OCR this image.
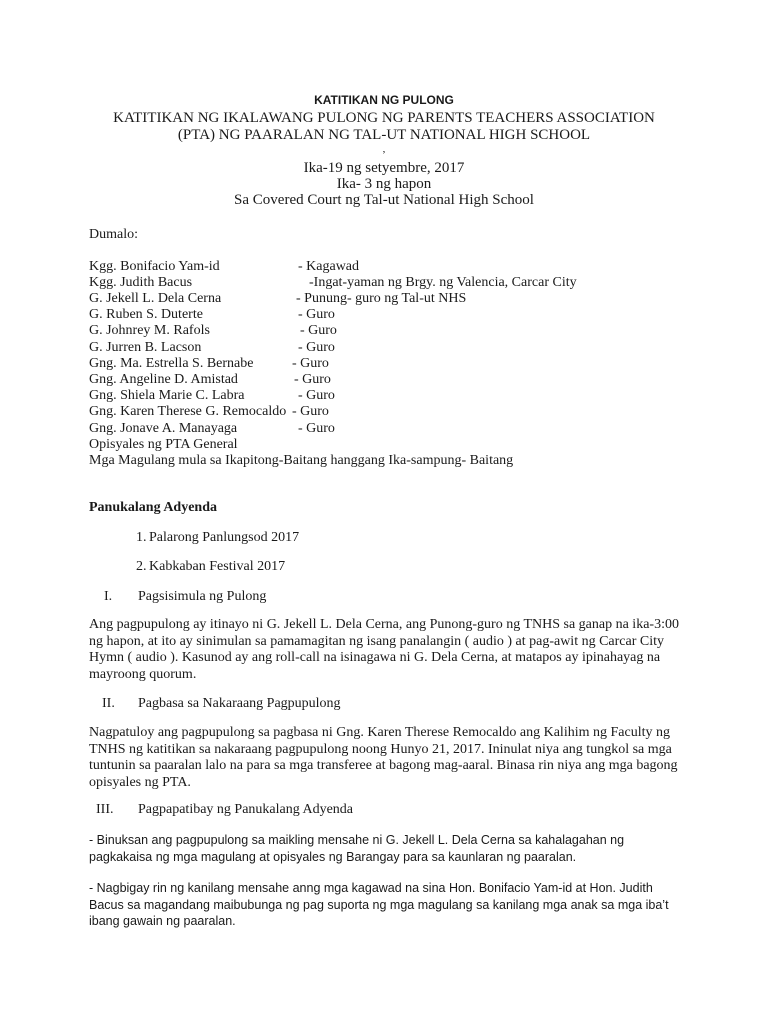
KATITIKAN NG PULONG
KATITIKAN NG IKALAWANG PULONG NG PARENTS TEACHERS ASSOCIATION
(PTA) NG PAARALAN NG TAL-UT NATIONAL HIGH SCHOOL
,
Ika-19 ng setyembre, 2017
Ika- 3 ng hapon
Sa Covered Court ng Tal-ut National High School
Dumalo:
Kgg. Bonifacio Yam-id	- Kagawad
Kgg. Judith Bacus	-Ingat-yaman ng Brgy. ng Valencia, Carcar City
G. Jekell L. Dela Cerna	- Punung- guro ng Tal-ut NHS
G. Ruben S. Duterte	- Guro
G. Johnrey M. Rafols	- Guro
G. Jurren B. Lacson	- Guro
Gng. Ma. Estrella S. Bernabe	- Guro
Gng. Angeline D. Amistad	- Guro
Gng. Shiela Marie C. Labra	- Guro
Gng. Karen Therese G. Remocaldo - Guro
Gng. Jonave A. Manayaga	- Guro
Opisyales ng PTA General
Mga Magulang mula sa Ikapitong-Baitang hanggang Ika-sampung- Baitang
Panukalang Adyenda
1. Palarong Panlungsod 2017
2. Kabkaban Festival 2017
I. Pagsisimula ng Pulong
Ang pagpupulong ay itinayo ni G. Jekell L. Dela Cerna, ang Punong-guro ng TNHS sa ganap na ika-3:00 ng hapon, at ito ay sinimulan sa pamamagitan ng isang panalangin ( audio ) at pag-awit ng Carcar City Hymn ( audio ). Kasunod ay ang roll-call na isinagawa ni G. Dela Cerna, at matapos ay ipinahayag na mayroong quorum.
II. Pagbasa sa Nakaraang Pagpupulong
Nagpatuloy ang pagpupulong sa pagbasa ni Gng. Karen Therese Remocaldo ang Kalihim ng Faculty ng TNHS ng katitikan sa nakaraang pagpupulong noong Hunyo 21, 2017. Ininulat niya ang tungkol sa mga tuntunin sa paaralan lalo na para sa mga transferee at bagong mag-aaral. Binasa rin niya ang mga bagong opisyales ng PTA.
III. Pagpapatibay ng Panukalang Adyenda
- Binuksan ang pagpupulong sa maikling mensahe ni G. Jekell L. Dela Cerna sa kahalagahan ng pagkakaisa ng mga magulang at opisyales ng Barangay para sa kaunlaran ng paaralan.
- Nagbigay rin ng kanilang mensahe anng mga kagawad na sina Hon. Bonifacio Yam-id at Hon. Judith Bacus sa magandang maibubunga ng pag suporta ng mga magulang sa kanilang mga anak sa mga iba’t ibang gawain ng paaralan.
